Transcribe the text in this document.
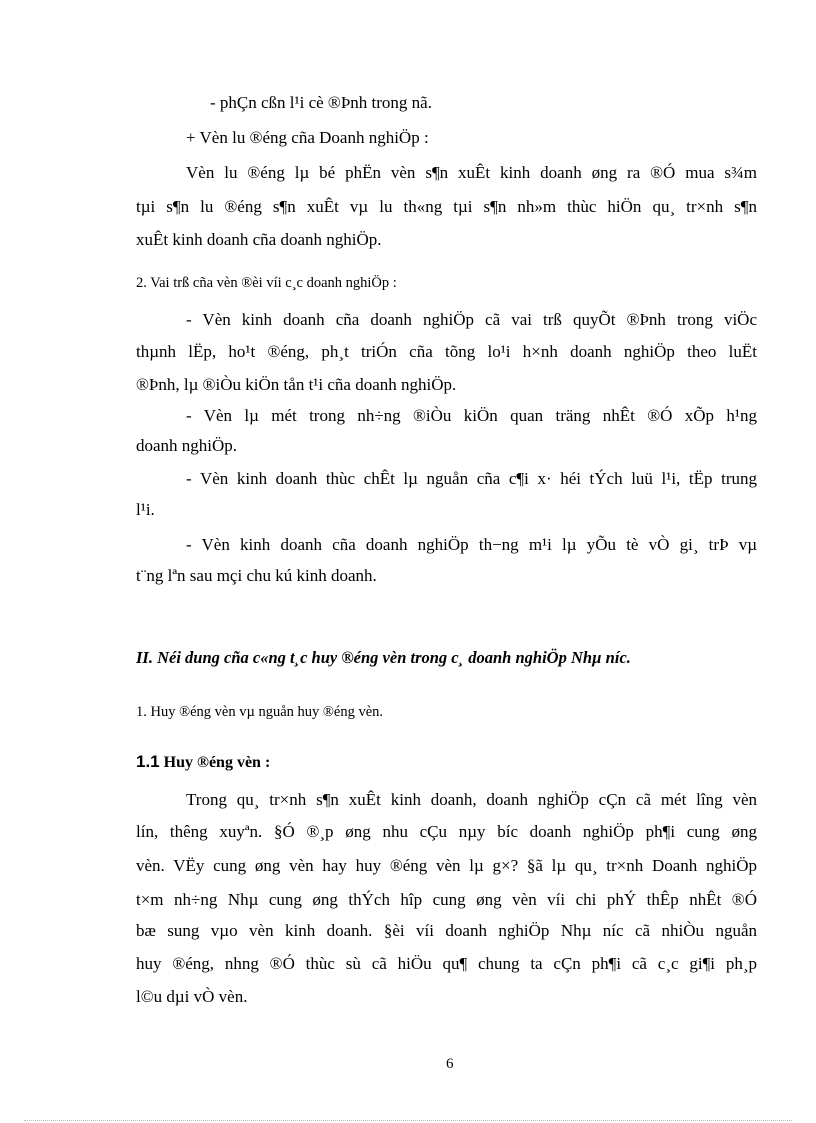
- phÇn cßn l¹i cè ®Þnh trong nã.
+ Vèn lu ®éng cña Doanh nghiÖp :
Vèn lu ®éng lµ bé phËn vèn s¶n xuÊt kinh doanh øng ra ®Ó mua s¾m
tµi s¶n lu ®éng s¶n xuÊt vµ lu th«ng tµi s¶n nh»m thùc hiÖn qu¸ tr×nh s¶n
xuÊt kinh doanh cña doanh nghiÖp.
2. Vai trß cña vèn ®èi víi c¸c doanh nghiÖp :
- Vèn kinh doanh cña doanh nghiÖp cã vai trß quyÕt ®Þnh trong viÖc
thµnh lËp, ho¹t ®éng, ph¸t triÓn cña tõng lo¹i h×nh doanh nghiÖp theo luËt
®Þnh, lµ ®iÒu kiÖn tån t¹i cña doanh nghiÖp.
- Vèn lµ mét trong nh÷ng ®iÒu kiÖn quan träng nhÊt ®Ó xÕp h¹ng
doanh nghiÖp.
- Vèn kinh doanh thùc chÊt lµ nguån cña c¶i x· héi tÝch luü l¹i, tËp trung
l¹i.
- Vèn kinh doanh cña doanh nghiÖp th−ng m¹i lµ yÕu tè vÒ gi¸ trÞ vµ
t¨ng lªn sau mçi chu kú kinh doanh.
II. Néi dung cña c«ng t¸c huy ®éng vèn trong c¸ doanh nghiÖp Nhµ níc.
1. Huy ®éng vèn vµ nguån huy ®éng vèn.
1.1 Huy ®éng vèn :
Trong qu¸ tr×nh s¶n xuÊt kinh doanh, doanh nghiÖp cÇn cã mét lîng vèn
lín, thêng xuyªn. §Ó ®¸p øng nhu cÇu nµy bíc doanh nghiÖp ph¶i cung øng
vèn. VËy cung øng vèn hay huy ®éng vèn lµ g×? §ã lµ qu¸ tr×nh Doanh nghiÖp
t×m nh÷ng Nhµ cung øng thÝch hîp cung øng vèn víi chi phÝ thÊp nhÊt ®Ó
bæ sung vµo vèn kinh doanh. §èi víi doanh nghiÖp Nhµ níc cã nhiÒu nguån
huy ®éng, nhng ®Ó thùc sù cã hiÖu qu¶ chung ta cÇn ph¶i cã c¸c gi¶i ph¸p
l©u dµi vÒ vèn.
6
